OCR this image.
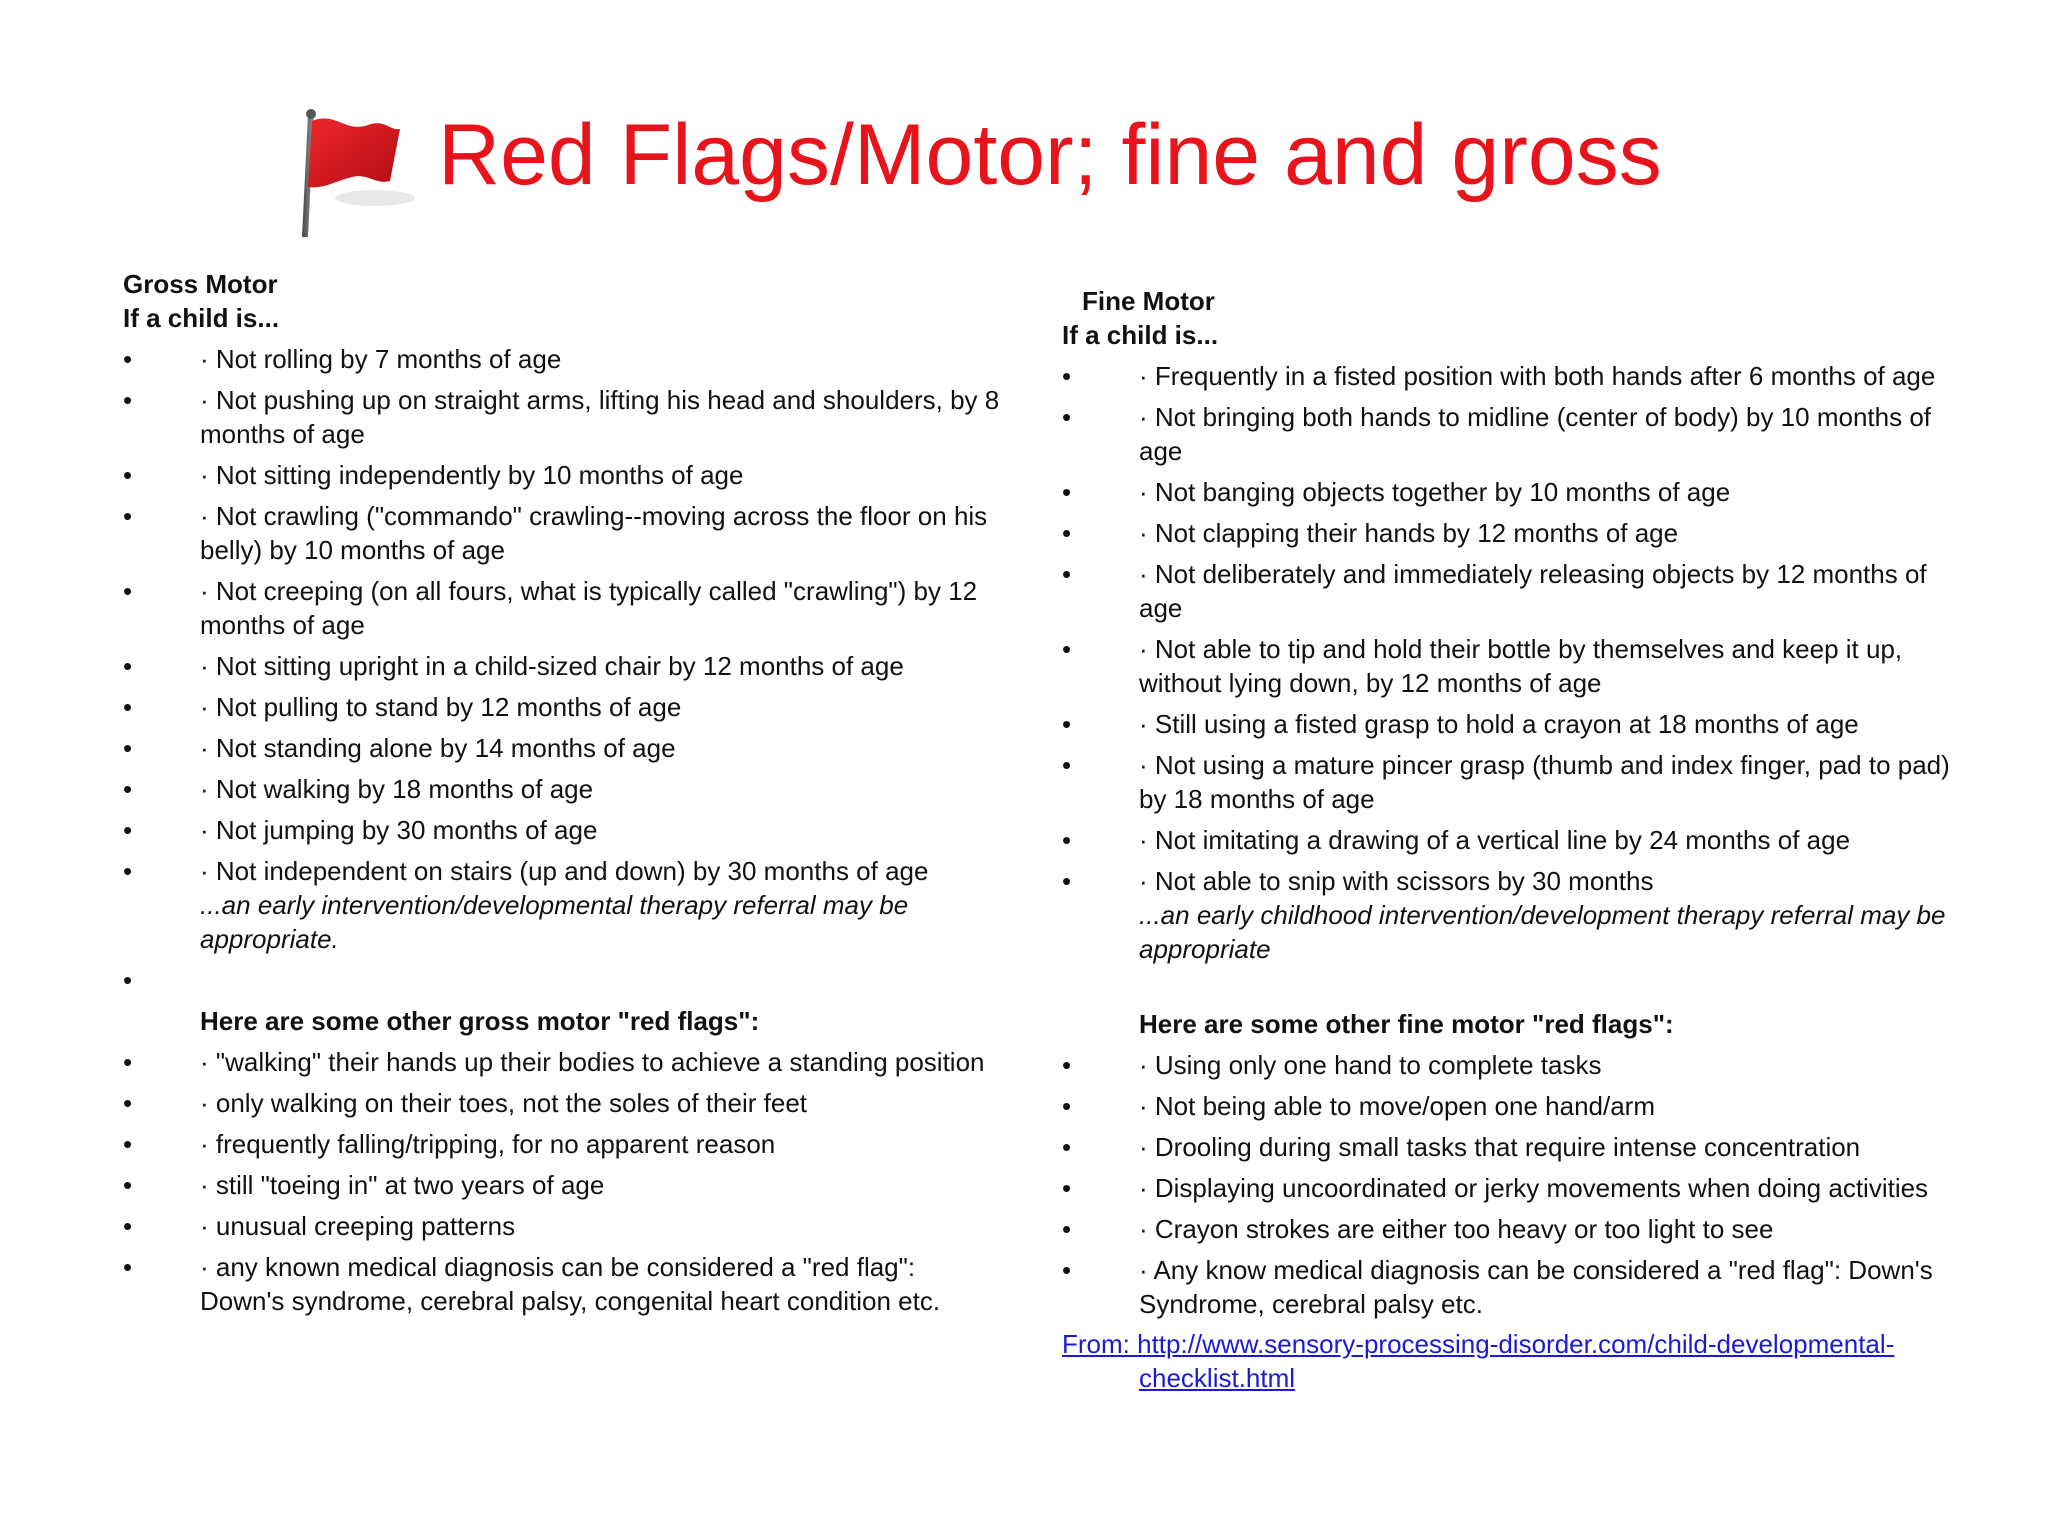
Red Flags/Motor; fine and gross
Gross Motor
If a child is...
•	· Not rolling by 7 months of age
•	· Not pushing up on straight arms, lifting his head and shoulders, by 8 months of age
•	· Not sitting independently by 10 months of age
•	· Not crawling ("commando" crawling--moving across the floor on his belly) by 10 months of age
•	· Not creeping (on all fours, what is typically called "crawling") by 12 months of age
•	· Not sitting upright in a child-sized chair by 12 months of age
•	· Not pulling to stand by 12 months of age
•	· Not standing alone by 14 months of age
•	· Not walking by 18 months of age
•	· Not jumping by 30 months of age
•	· Not independent on stairs (up and down) by 30 months of age
...an early intervention/developmental therapy referral may be appropriate.
•

Here are some other gross motor "red flags":
•	· "walking" their hands up their bodies to achieve a standing position
•	· only walking on their toes, not the soles of their feet
•	· frequently falling/tripping, for no apparent reason
•	· still "toeing in" at two years of age
•	· unusual creeping patterns
•	· any known medical diagnosis can be considered a "red flag": Down's syndrome, cerebral palsy, congenital heart condition etc.
Fine Motor
If a child is...
•	· Frequently in a fisted position with both hands after 6 months of age
•	· Not bringing both hands to midline (center of body) by 10 months of age
•	· Not banging objects together by 10 months of age
•	· Not clapping their hands by 12 months of age
•	· Not deliberately and immediately releasing objects by 12 months of age
•	· Not able to tip and hold their bottle by themselves and keep it up, without lying down, by 12 months of age
•	· Still using a fisted grasp to hold a crayon at 18 months of age
•	· Not using a mature pincer grasp (thumb and index finger, pad to pad) by 18 months of age
•	· Not imitating a drawing of a vertical line by 24 months of age
•	· Not able to snip with scissors by 30 months
...an early childhood intervention/development therapy referral may be appropriate
Here are some other fine motor "red flags":
•	· Using only one hand to complete tasks
•	· Not being able to move/open one hand/arm
•	· Drooling during small tasks that require intense concentration
•	· Displaying uncoordinated or jerky movements when doing activities
•	· Crayon strokes are either too heavy or too light to see
•	· Any know medical diagnosis can be considered a "red flag": Down's Syndrome, cerebral palsy etc.
From: http://www.sensory-processing-disorder.com/child-developmental-
checklist.html
